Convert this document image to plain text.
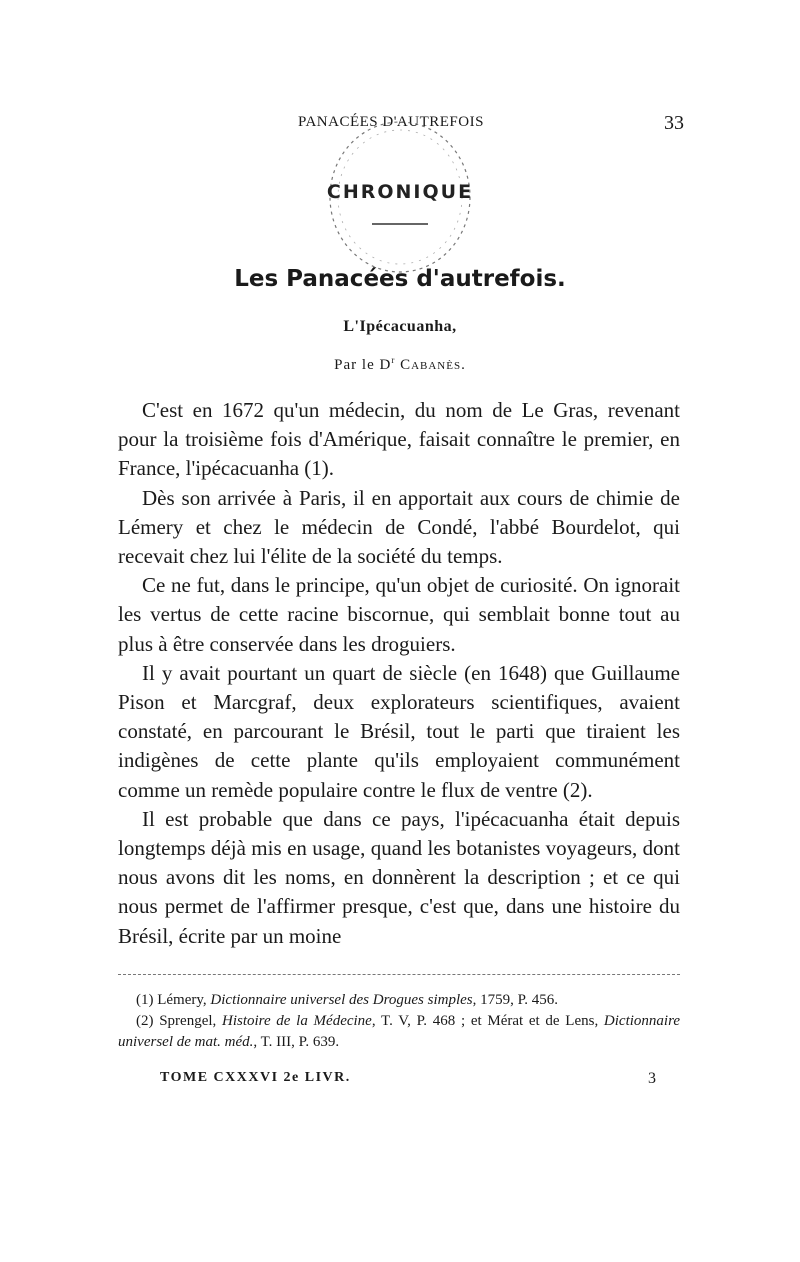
PANACÉES D'AUTREFOIS	33
CHRONIQUE
Les Panacées d'autrefois.
L'Ipécacuanha,
Par le $D^r$ Cabanès.

C'est en 1672 qu'un médecin, du nom de Le Gras, revenant pour la troisième fois d'Amérique, faisait connaître le premier, en France, l'ipécacuanha (1).

Dès son arrivée à Paris, il en apportait aux cours de chimie de Lémery et chez le médecin de Condé, l'abbé Bourdelot, qui recevait chez lui l'élite de la société du temps.

Ce ne fut, dans le principe, qu'un objet de curiosité. On ignorait les vertus de cette racine biscornue, qui semblait bonne tout au plus à être conservée dans les droguiers.

Il y avait pourtant un quart de siècle (en 1648) que Guillaume Pison et Marcgraf, deux explorateurs scientifiques, avaient constaté, en parcourant le Brésil, tout le parti que tiraient les indigènes de cette plante qu'ils employaient communément comme un remède populaire contre le flux de ventre (2).

Il est probable que dans ce pays, l'ipécacuanha était depuis longtemps déjà mis en usage, quand les botanistes voyageurs, dont nous avons dit les noms, en donnèrent la description ; et ce qui nous permet de l'affirmer presque, c'est que, dans une histoire du Brésil, écrite par un moine

(1) Lémery, Dictionnaire universel des Drogues simples, 1759, P. 456.

(2) Sprengel, Histoire de la Médecine, T. V, P. 468 ; et Mérat et de Lens, Dictionnaire universel de mat. méd., T. III, P. 639.

TOME CXXXVI 2e LIVR.	3
